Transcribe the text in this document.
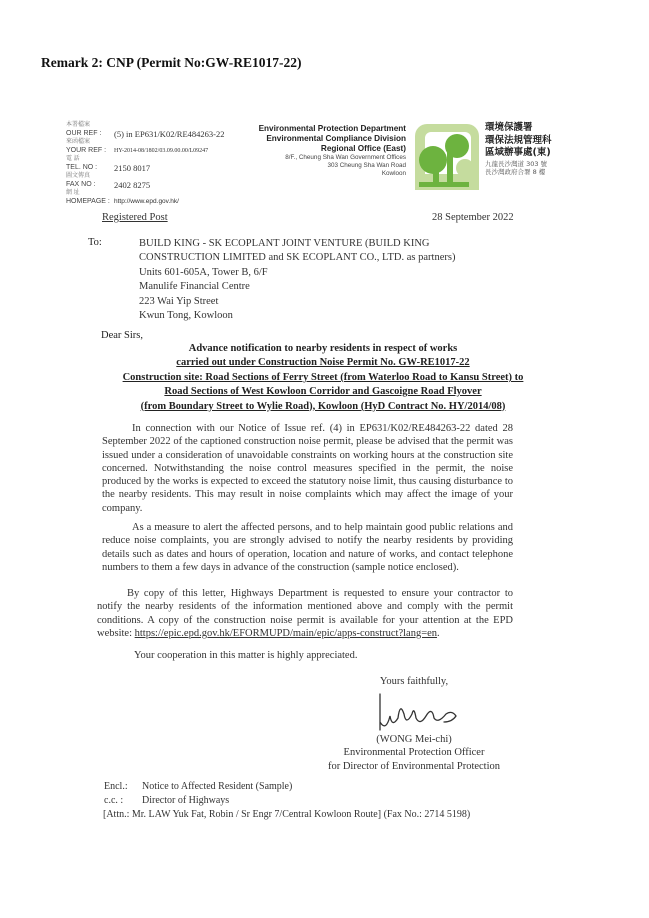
Remark 2: CNP (Permit No:GW-RE1017-22)
本署檔案
OUR REF :	(5) in EP631/K02/RE484263-22
來函檔案
YOUR REF :	HY-2014-08/1802/03.09.00.00/L09247
電 話
TEL. NO :	2150 8017
圖文傳真
FAX NO :	2402 8275
網 址
HOMEPAGE : http://www.epd.gov.hk/
Registered Post
Environmental Protection Department
Environmental Compliance Division
Regional Office (East)
8/F., Cheung Sha Wan Government Offices
303 Cheung Sha Wan Road
Kowloon
環境保護署
環保法規管理科
區域辦事處(東)
九龍長沙灣道 303 號
長沙灣政府合署 8 樓
28 September 2022
To:	BUILD KING - SK ECOPLANT JOINT VENTURE (BUILD KING
CONSTRUCTION LIMITED and SK ECOPLANT CO., LTD. as partners)
Units 601-605A, Tower B, 6/F
Manulife Financial Centre
223 Wai Yip Street
Kwun Tong, Kowloon
Dear Sirs,
Advance notification to nearby residents in respect of works
carried out under Construction Noise Permit No. GW-RE1017-22
Construction site: Road Sections of Ferry Street (from Waterloo Road to Kansu Street) to
Road Sections of West Kowloon Corridor and Gascoigne Road Flyover
(from Boundary Street to Wylie Road), Kowloon (HyD Contract No. HY/2014/08)
In connection with our Notice of Issue ref. (4) in EP631/K02/RE484263-22 dated 28 September 2022 of the captioned construction noise permit, please be advised that the permit was issued under a consideration of unavoidable constraints on working hours at the construction site concerned. Notwithstanding the noise control measures specified in the permit, the noise produced by the works is expected to exceed the statutory noise limit, thus causing disturbance to the nearby residents. This may result in noise complaints which may affect the image of your company.
As a measure to alert the affected persons, and to help maintain good public relations and reduce noise complaints, you are strongly advised to notify the nearby residents by providing details such as dates and hours of operation, location and nature of works, and contact telephone numbers to them a few days in advance of the construction (sample notice enclosed).
By copy of this letter, Highways Department is requested to ensure your contractor to notify the nearby residents of the information mentioned above and comply with the permit conditions. A copy of the construction noise permit is available for your attention at the EPD website: https://epic.epd.gov.hk/EFORMUPD/main/epic/apps-construct?lang=en.
Your cooperation in this matter is highly appreciated.
Yours faithfully,
(WONG Mei-chi)
Environmental Protection Officer
for Director of Environmental Protection
Encl.: Notice to Affected Resident (Sample)
c.c. : Director of Highways
[Attn.: Mr. LAW Yuk Fat, Robin / Sr Engr 7/Central Kowloon Route] (Fax No.: 2714 5198)
